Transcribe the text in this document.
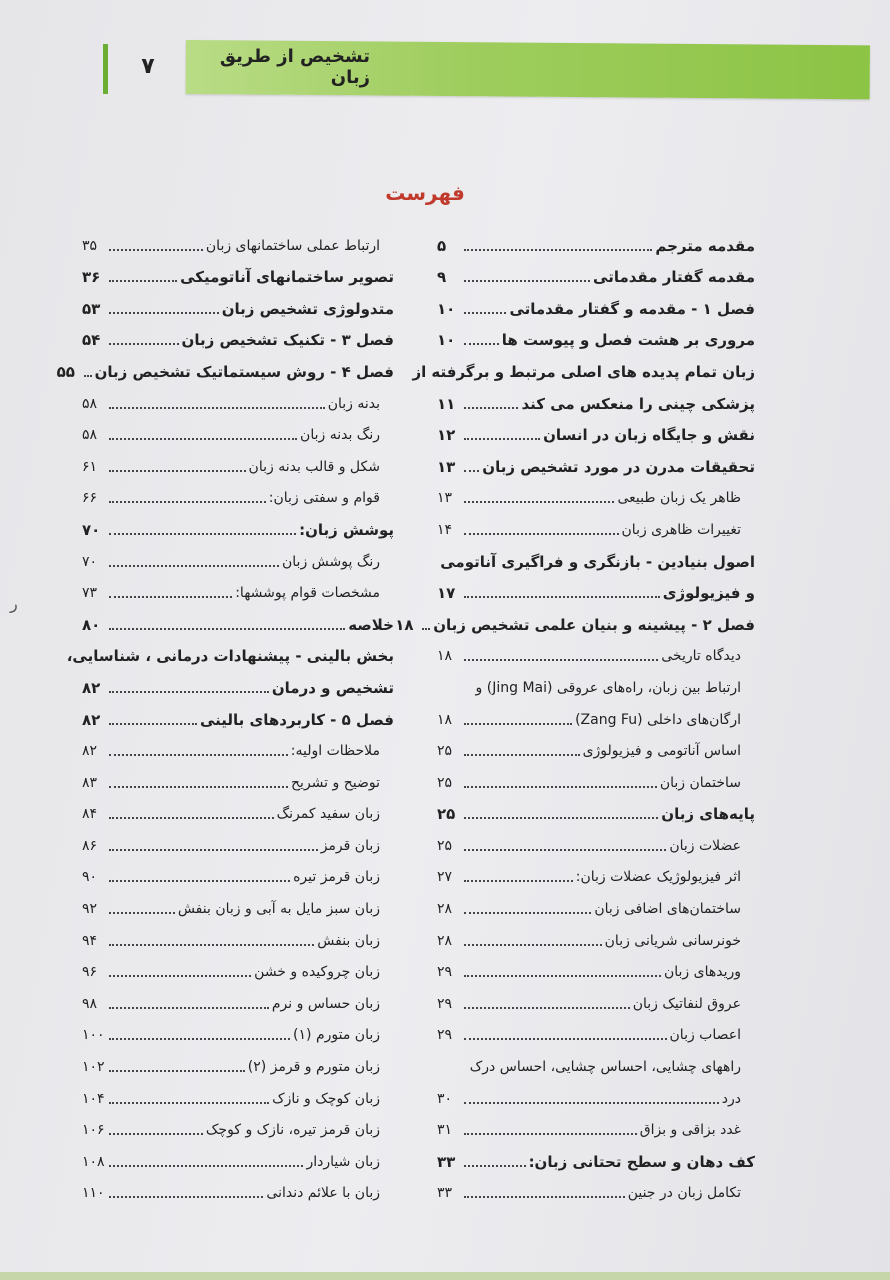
۷	تشخیص از طریق زبان
فهرست
ر
مقدمه مترجم
۵
مقدمه گفتار مقدماتی
۹
فصل ۱ - مقدمه و گفتار مقدماتی
۱۰
مروری بر هشت فصل و پیوست ها
۱۰
زبان تمام پدیده های اصلی مرتبط و برگرفته از
پزشکی چینی را منعکس می کند
۱۱
نقش و جایگاه زبان در انسان
۱۲
تحقیقات مدرن در مورد تشخیص زبان
۱۳
ظاهر یک زبان طبیعی
۱۳
تغییرات ظاهری زبان
۱۴
اصول بنیادین - بازنگری و فراگیری آناتومی
و فیزیولوژی
۱۷
فصل ۲ - پیشینه و بنیان علمی تشخیص زبان
۱۸
دیدگاه تاریخی
۱۸
ارتباط بین زبان، راه‌های عروقی (Jing Mai) و
ارگان‌های داخلی (Zang Fu)
۱۸
اساس آناتومی و فیزیولوژی
۲۵
ساختمان زبان
۲۵
پایه‌های زبان
۲۵
عضلات زبان
۲۵
اثر فیزیولوژیک عضلات زبان:
۲۷
ساختمان‌های اضافی زبان
۲۸
خونرسانی شریانی زبان
۲۸
وریدهای زبان
۲۹
عروق لنفاتیک زبان
۲۹
اعصاب زبان
۲۹
راههای چشایی، احساس چشایی، احساس درک
درد
۳۰
غدد بزاقی و بزاق
۳۱
کف دهان و سطح تحتانی زبان:
۳۳
تکامل زبان در جنین
۳۳
ارتباط عملی ساختمانهای زبان
۳۵
تصویر ساختمانهای آناتومیکی
۳۶
متدولوژی تشخیص زبان
۵۳
فصل ۳ - تکنیک تشخیص زبان
۵۴
فصل ۴ - روش سیستماتیک تشخیص زبان
۵۵
بدنه زبان
۵۸
رنگ بدنه زبان
۵۸
شکل و قالب بدنه زبان
۶۱
قوام و سفتی زبان:
۶۶
پوشش زبان:
۷۰
رنگ پوشش زبان
۷۰
مشخصات قوام پوششها:
۷۳
خلاصه
۸۰
بخش بالینی - پیشنهادات درمانی ، شناسایی،
تشخیص و درمان
۸۲
فصل ۵ - کاربردهای بالینی
۸۲
ملاحظات اولیه:
۸۲
توضیح و تشریح
۸۳
زبان سفید کمرنگ
۸۴
زبان قرمز
۸۶
زبان قرمز تیره
۹۰
زبان سبز مایل به آبی و زبان بنفش
۹۲
زبان بنفش
۹۴
زبان چروکیده و خشن
۹۶
زبان حساس و نرم
۹۸
زبان متورم (۱)
۱۰۰
زبان متورم و قرمز (۲)
۱۰۲
زبان کوچک و نازک
۱۰۴
زبان قرمز تیره، نازک و کوچک
۱۰۶
زبان شیاردار
۱۰۸
زبان با علائم دندانی
۱۱۰
